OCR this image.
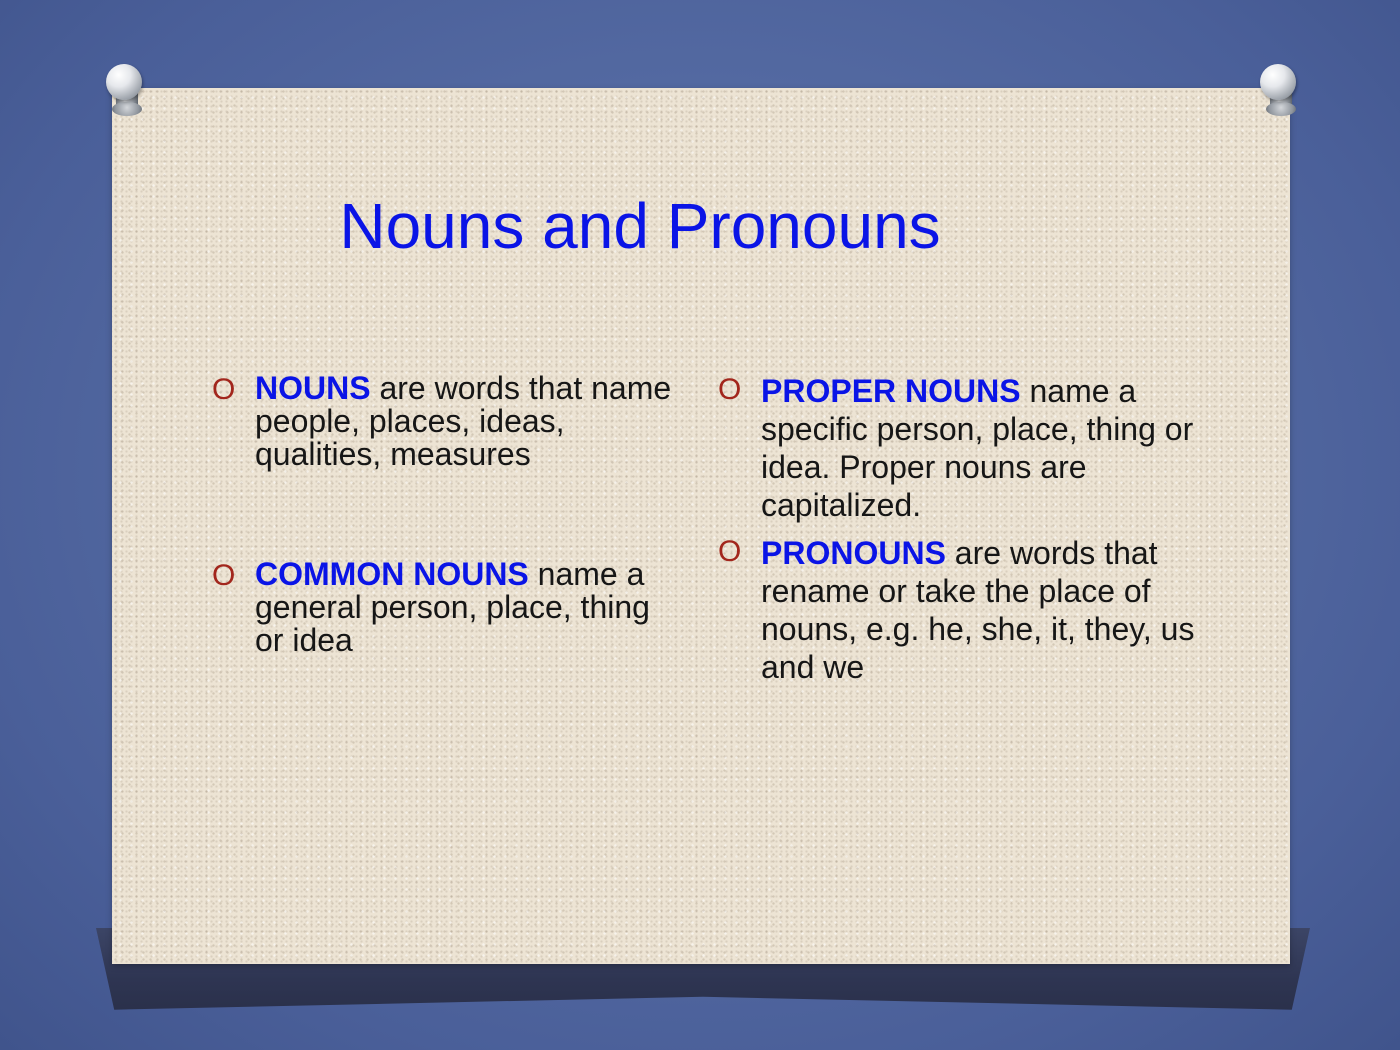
Nouns and Pronouns
O NOUNS are words that name people, places, ideas, qualities, measures
O COMMON NOUNS name a general person, place, thing or idea
O PROPER NOUNS name a specific person, place, thing or idea. Proper nouns are capitalized.
O PRONOUNS are words that rename or take the place of nouns, e.g. he, she, it, they, us and we
